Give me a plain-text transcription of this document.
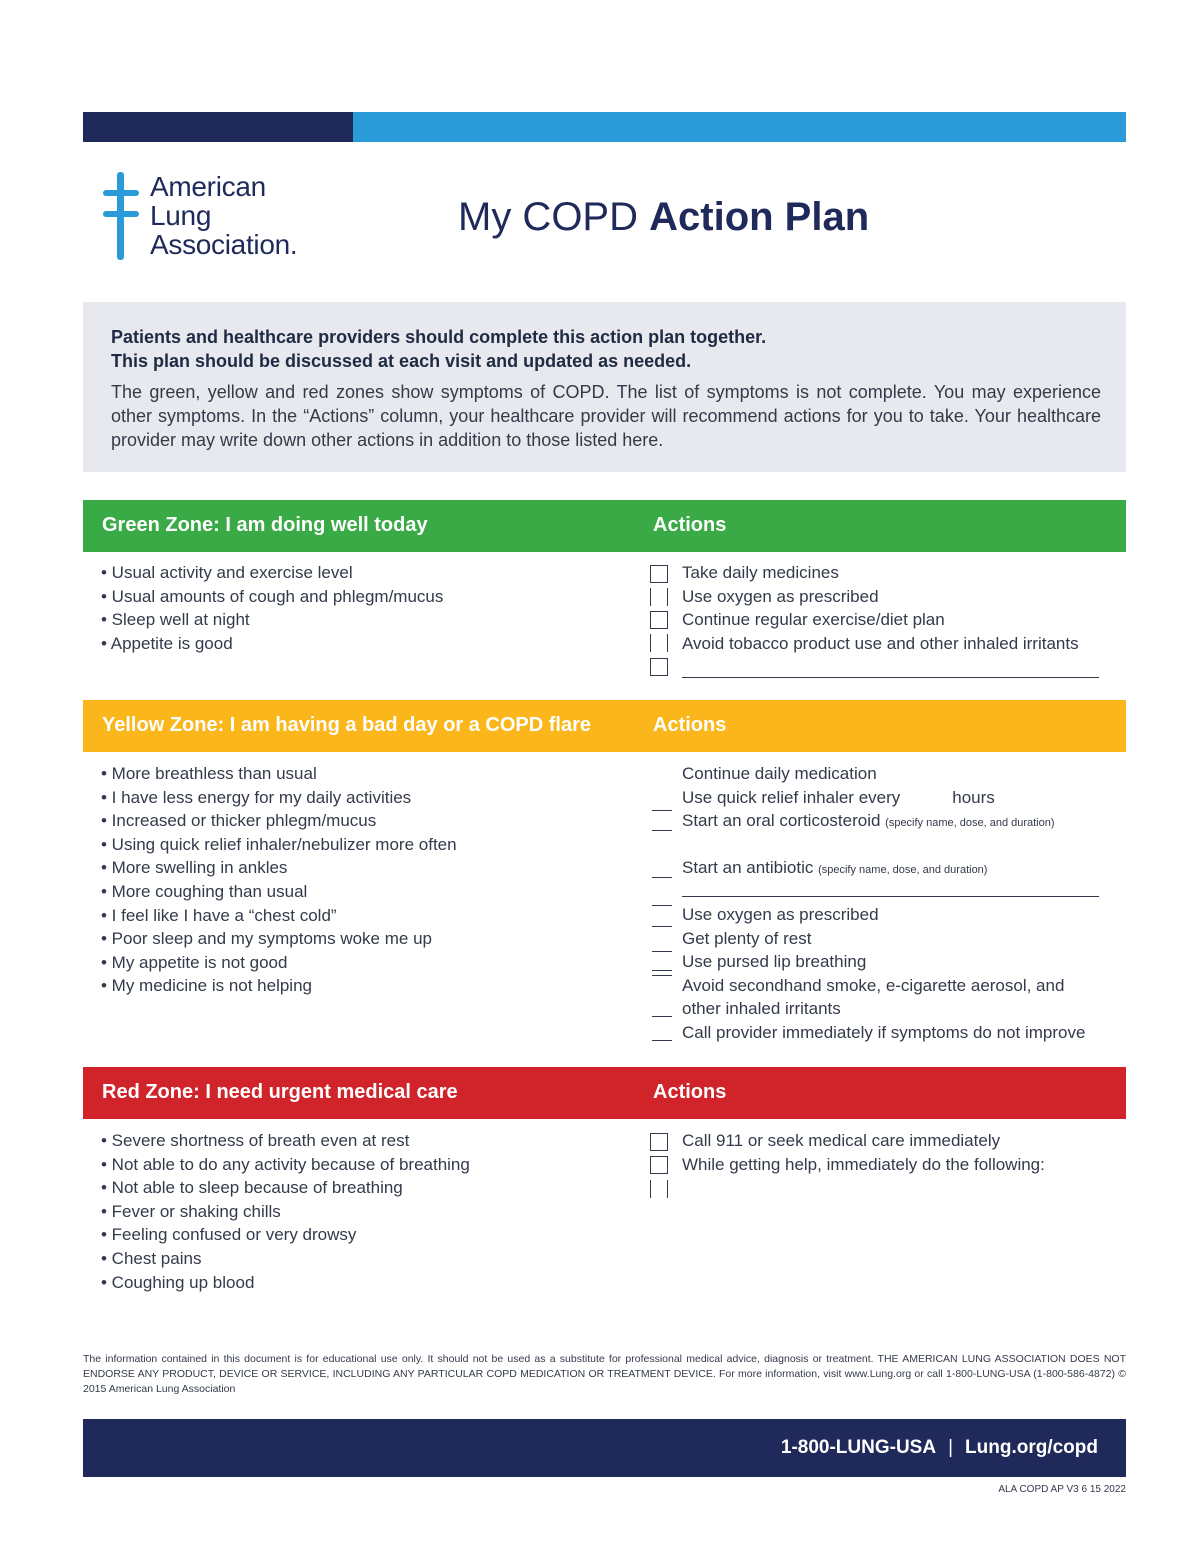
American
Lung
Association.
My COPD Action Plan
Patients and healthcare providers should complete this action plan together.
This plan should be discussed at each visit and updated as needed.
The green, yellow and red zones show symptoms of COPD. The list of symptoms is not complete. You may experience other symptoms. In the “Actions” column, your healthcare provider will recommend actions for you to take. Your healthcare provider may write down other actions in addition to those listed here.
Green Zone: I am doing well today	Actions
• Usual activity and exercise level
• Usual amounts of cough and phlegm/mucus
• Sleep well at night
• Appetite is good
Take daily medicines
Use oxygen as prescribed
Continue regular exercise/diet plan
Avoid tobacco product use and other inhaled irritants
Yellow Zone: I am having a bad day or a COPD flare	Actions
• More breathless than usual
• I have less energy for my daily activities
• Increased or thicker phlegm/mucus
• Using quick relief inhaler/nebulizer more often
• More swelling in ankles
• More coughing than usual
• I feel like I have a “chest cold”
• Poor sleep and my symptoms woke me up
• My appetite is not good
• My medicine is not helping
Continue daily medication
Use quick relief inhaler every	hours
Start an oral corticosteroid (specify name, dose, and duration)
Start an antibiotic (specify name, dose, and duration)
Use oxygen as prescribed
Get plenty of rest
Use pursed lip breathing
Avoid secondhand smoke, e-cigarette aerosol, and
other inhaled irritants
Call provider immediately if symptoms do not improve
Red Zone: I need urgent medical care	Actions
• Severe shortness of breath even at rest
• Not able to do any activity because of breathing
• Not able to sleep because of breathing
• Fever or shaking chills
• Feeling confused or very drowsy
• Chest pains
• Coughing up blood
Call 911 or seek medical care immediately
While getting help, immediately do the following:
The information contained in this document is for educational use only. It should not be used as a substitute for professional medical advice, diagnosis or treatment. THE AMERICAN LUNG ASSOCIATION DOES NOT ENDORSE ANY PRODUCT, DEVICE OR SERVICE, INCLUDING ANY PARTICULAR COPD MEDICATION OR TREATMENT DEVICE. For more information, visit www.Lung.org or call 1-800-LUNG-USA (1-800-586-4872) © 2015 American Lung Association
1-800-LUNG-USA | Lung.org/copd
ALA COPD AP V3 6 15 2022
